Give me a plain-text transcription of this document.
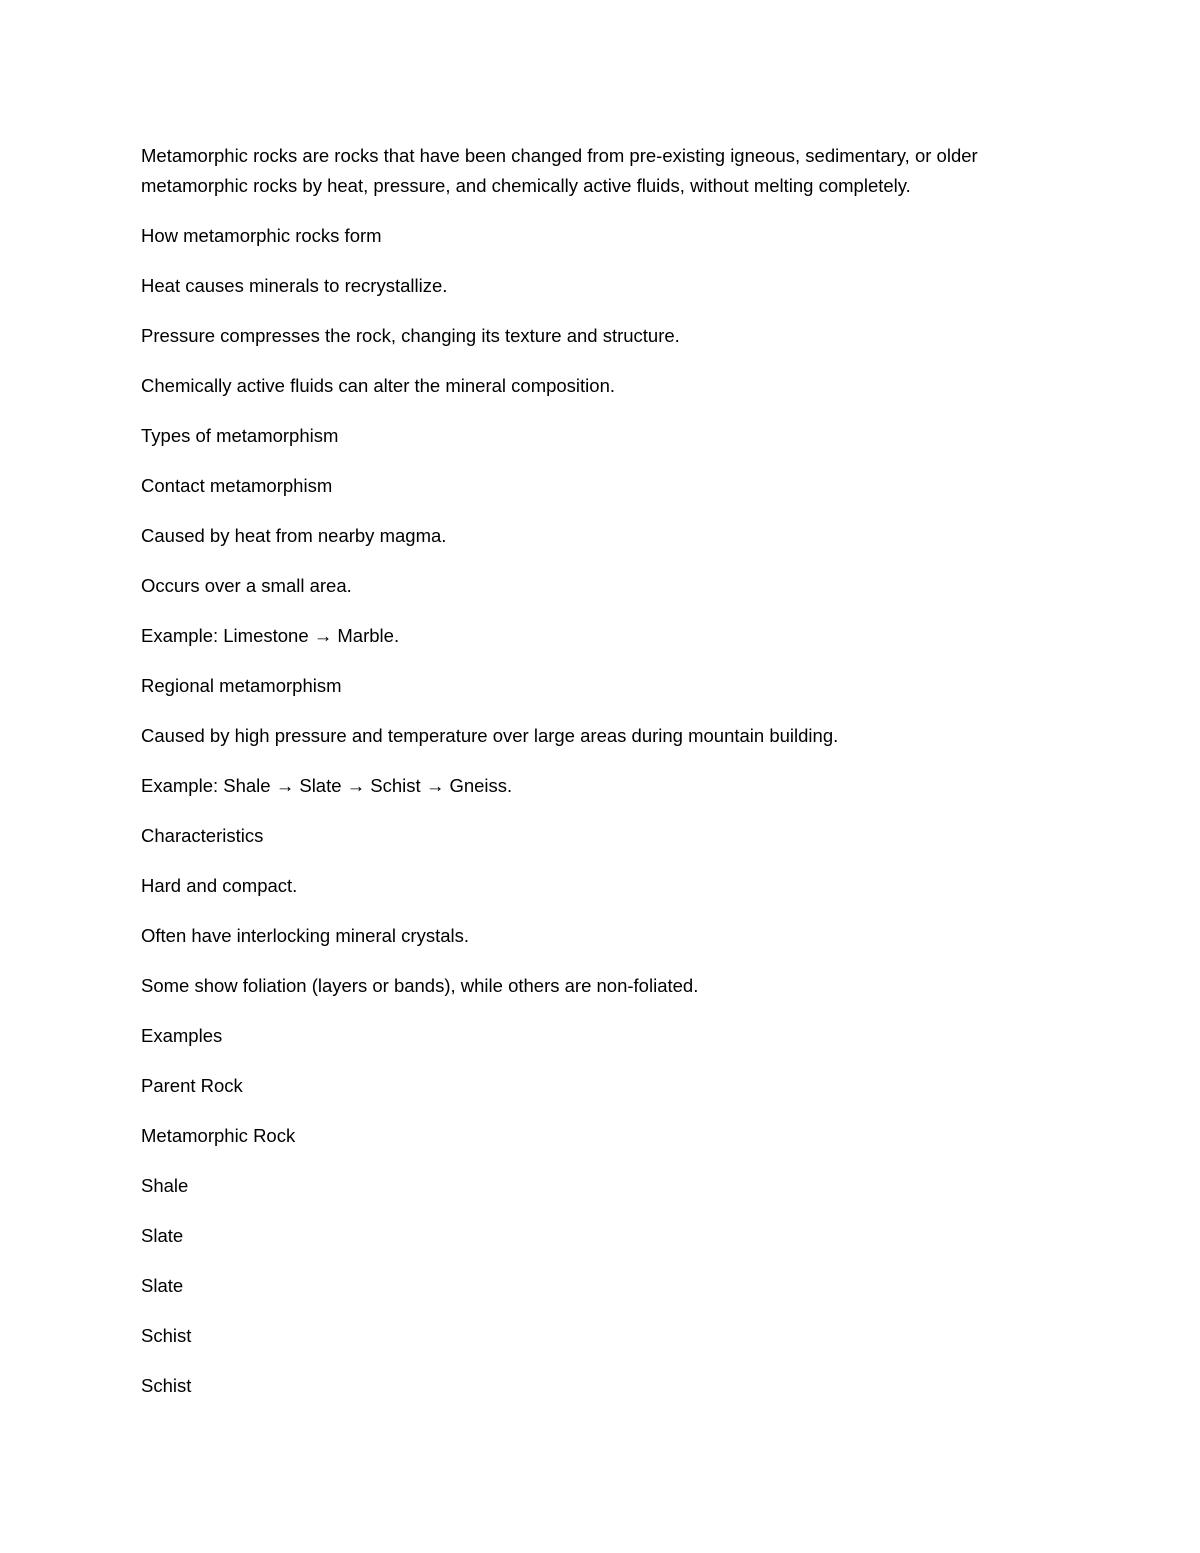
Metamorphic rocks are rocks that have been changed from pre-existing igneous, sedimentary, or older metamorphic rocks by heat, pressure, and chemically active fluids, without melting completely.

How metamorphic rocks form

Heat causes minerals to recrystallize.

Pressure compresses the rock, changing its texture and structure.

Chemically active fluids can alter the mineral composition.

Types of metamorphism

Contact metamorphism

Caused by heat from nearby magma.

Occurs over a small area.

Example: Limestone → Marble.

Regional metamorphism

Caused by high pressure and temperature over large areas during mountain building.

Example: Shale → Slate → Schist → Gneiss.

Characteristics

Hard and compact.

Often have interlocking mineral crystals.

Some show foliation (layers or bands), while others are non-foliated.

Examples

Parent Rock

Metamorphic Rock

Shale

Slate

Slate

Schist

Schist
